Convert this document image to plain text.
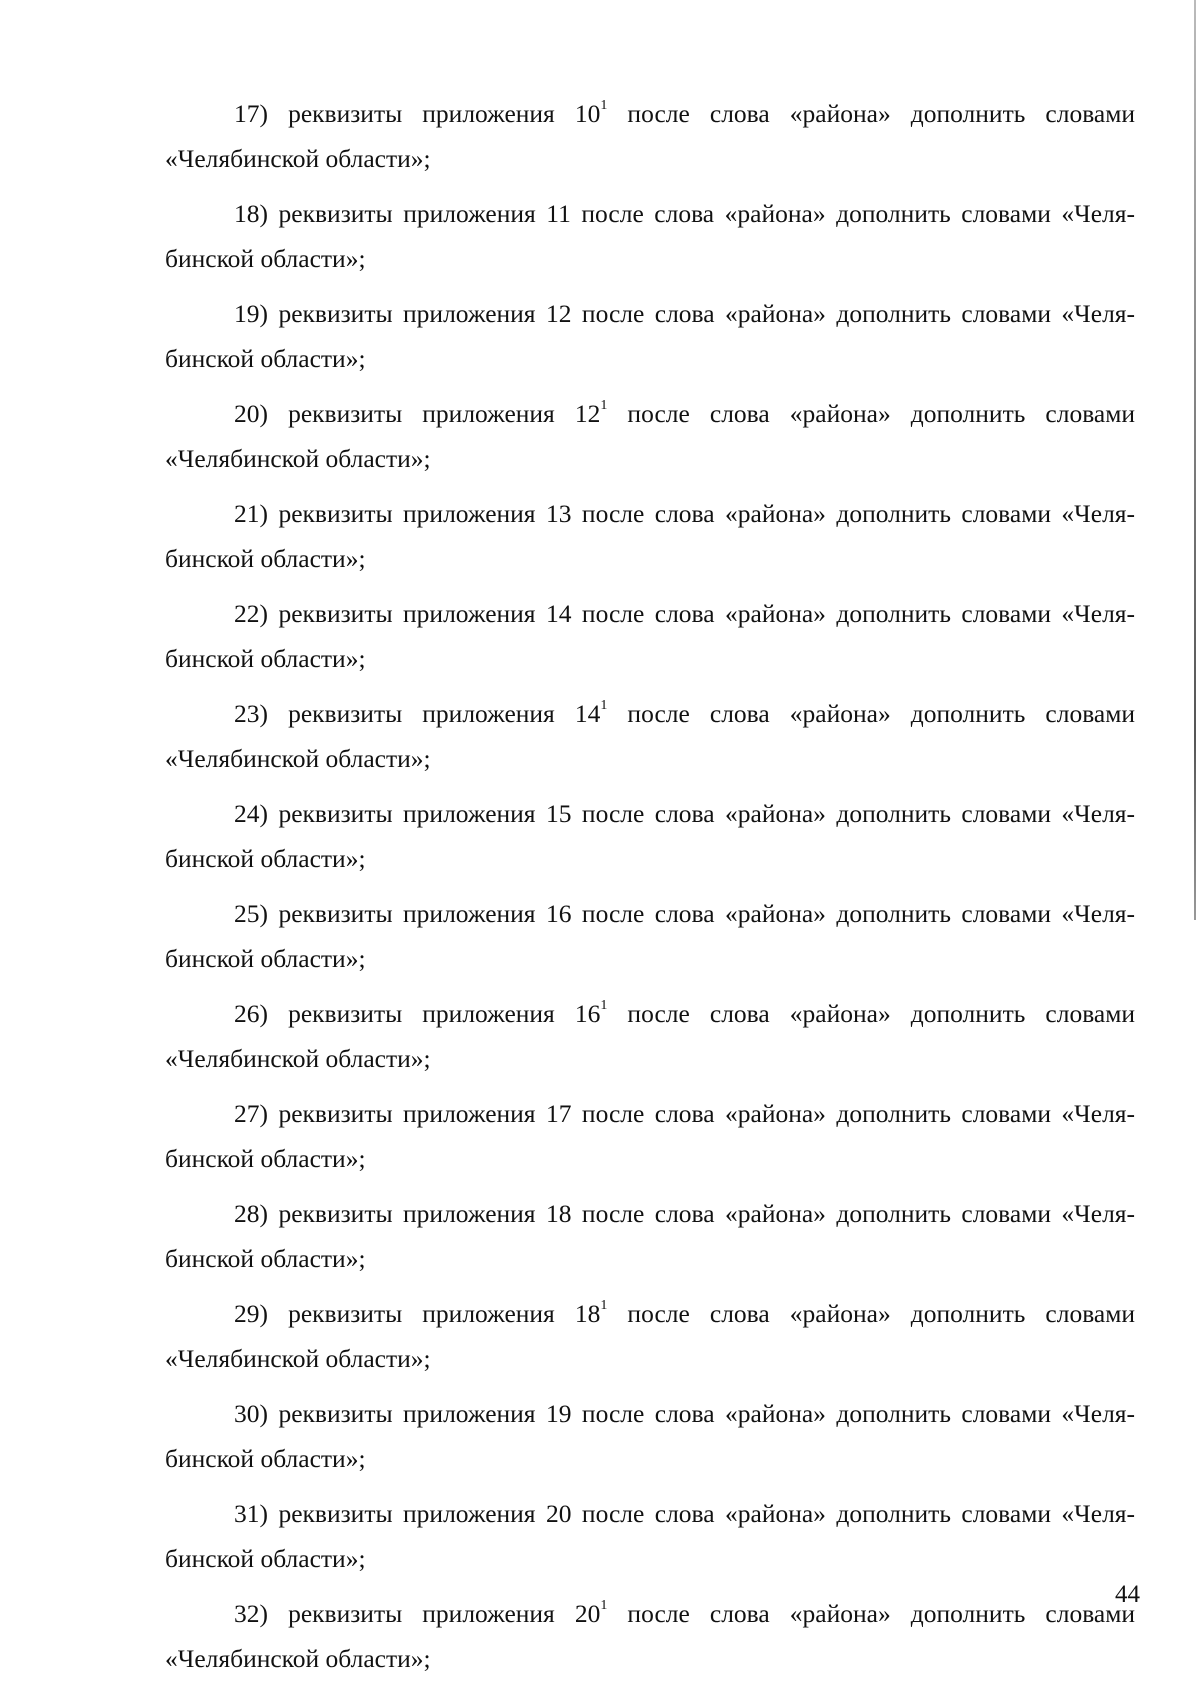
17) реквизиты приложения $10^1$ после слова «района» дополнить словами
«Челябинской области»;

18) реквизиты приложения 11 после слова «района» дополнить словами «Челя-
бинской области»;

19) реквизиты приложения 12 после слова «района» дополнить словами «Челя-
бинской области»;

20) реквизиты приложения $12^1$ после слова «района» дополнить словами
«Челябинской области»;

21) реквизиты приложения 13 после слова «района» дополнить словами «Челя-
бинской области»;

22) реквизиты приложения 14 после слова «района» дополнить словами «Челя-
бинской области»;

23) реквизиты приложения $14^1$ после слова «района» дополнить словами
«Челябинской области»;

24) реквизиты приложения 15 после слова «района» дополнить словами «Челя-
бинской области»;

25) реквизиты приложения 16 после слова «района» дополнить словами «Челя-
бинской области»;

26) реквизиты приложения $16^1$ после слова «района» дополнить словами
«Челябинской области»;

27) реквизиты приложения 17 после слова «района» дополнить словами «Челя-
бинской области»;

28) реквизиты приложения 18 после слова «района» дополнить словами «Челя-
бинской области»;

29) реквизиты приложения $18^1$ после слова «района» дополнить словами
«Челябинской области»;

30) реквизиты приложения 19 после слова «района» дополнить словами «Челя-
бинской области»;

31) реквизиты приложения 20 после слова «района» дополнить словами «Челя-
бинской области»;

32) реквизиты приложения $20^1$ после слова «района» дополнить словами
«Челябинской области»;

44
